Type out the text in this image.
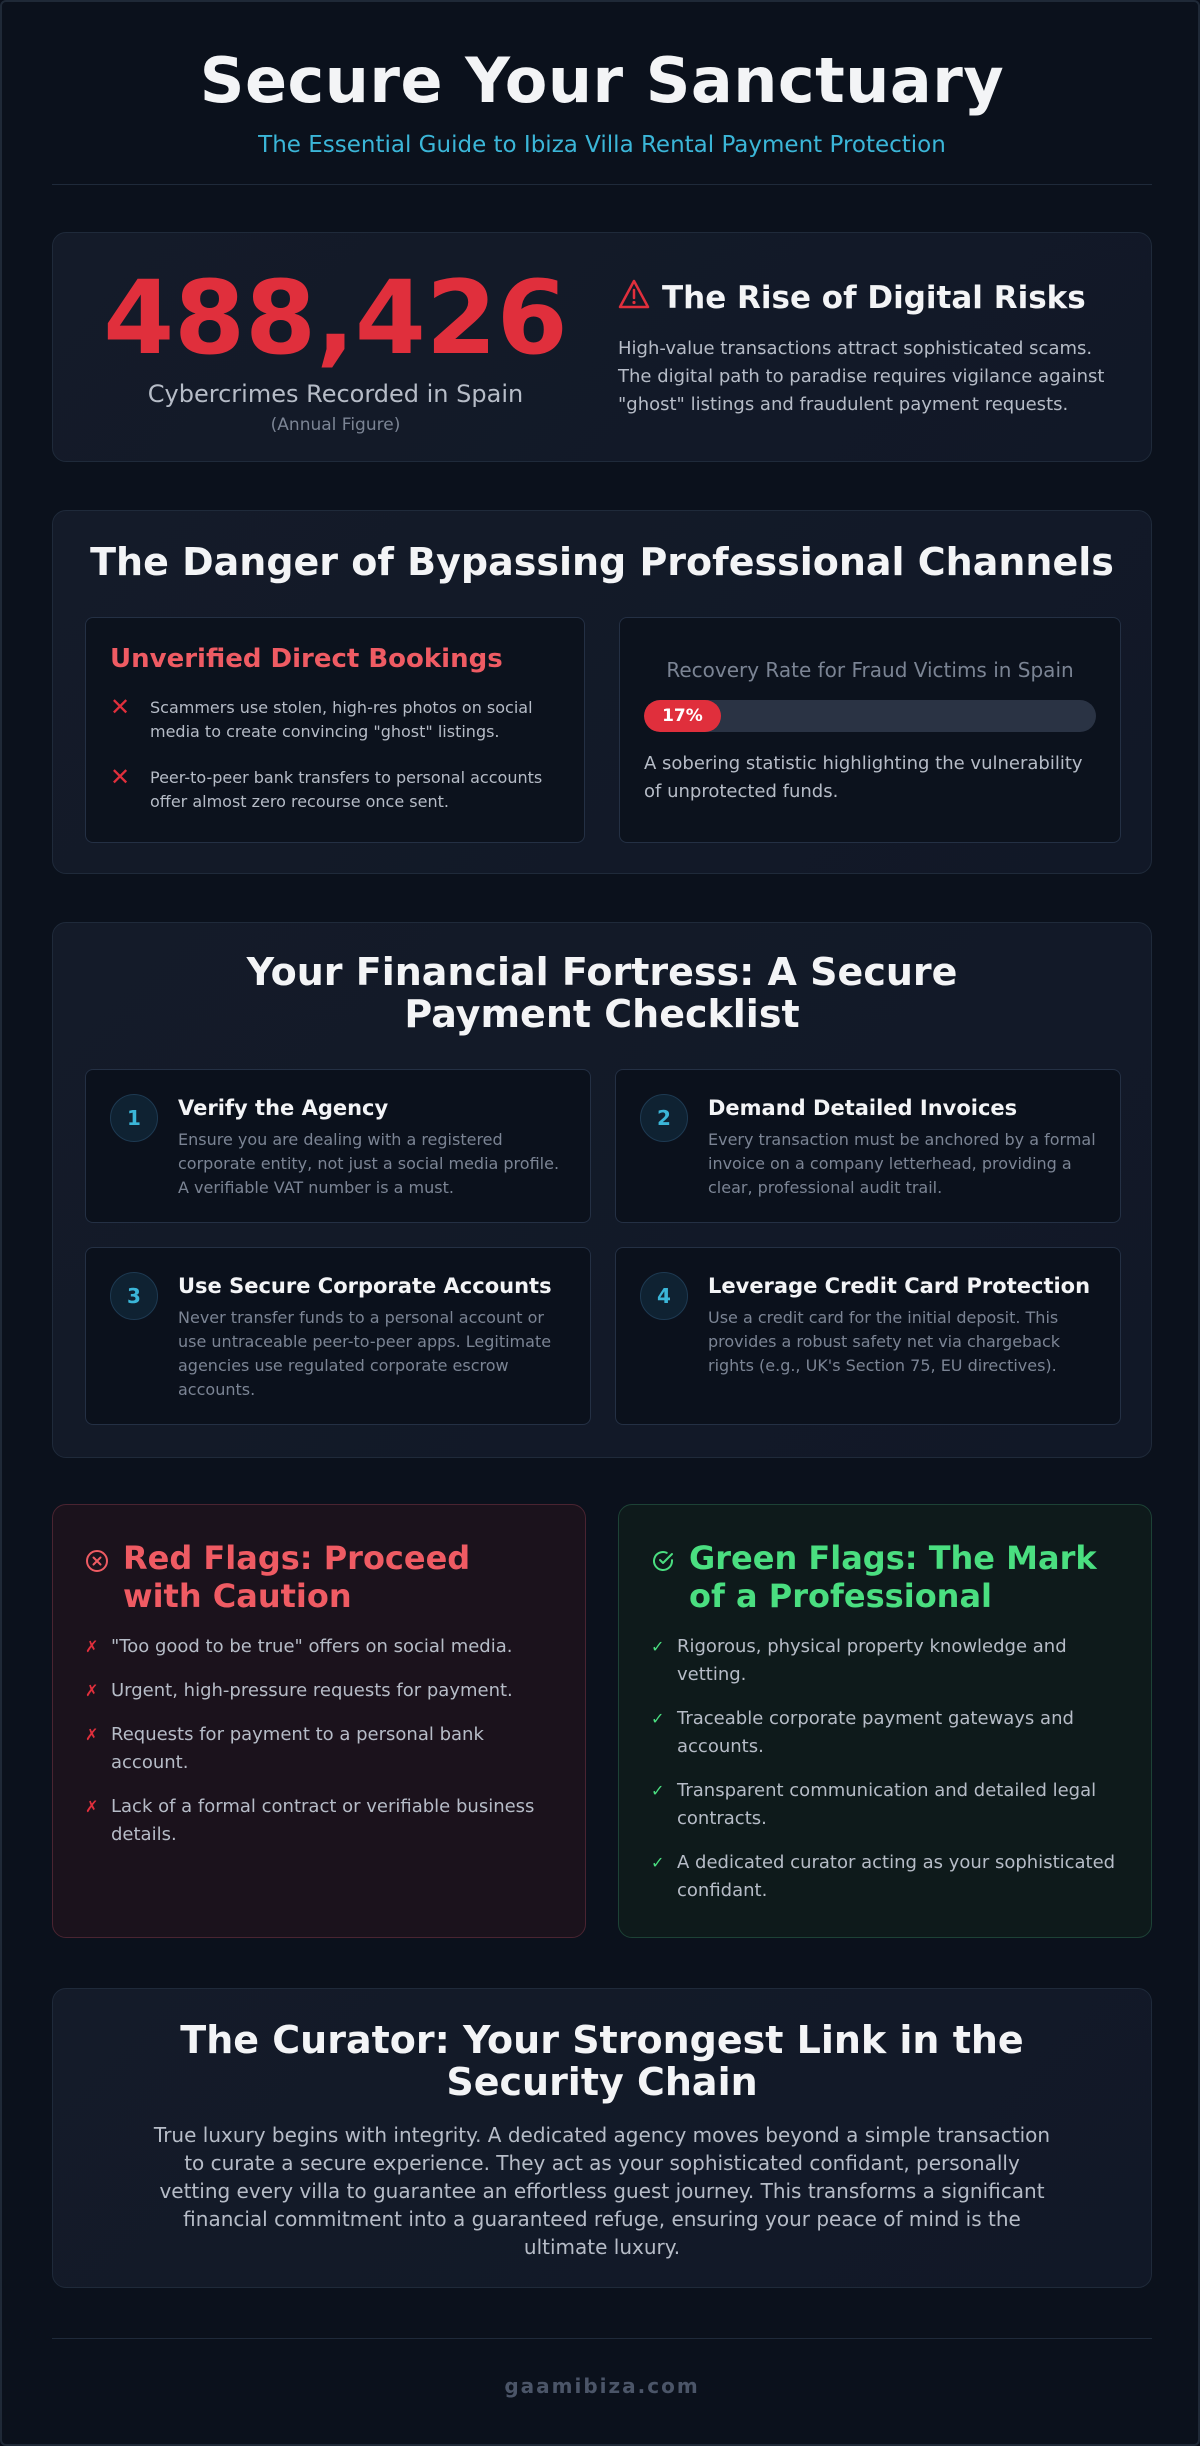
Secure Your Sanctuary
The Essential Guide to Ibiza Villa Rental Payment Protection
488,426
Cybercrimes Recorded in Spain
(Annual Figure)
The Rise of Digital Risks
High-value transactions attract sophisticated scams. The digital path to paradise requires vigilance against "ghost" listings and fraudulent payment requests.
The Danger of Bypassing Professional Channels
Unverified Direct Bookings
✕ Scammers use stolen, high-res photos on social media to create convincing "ghost" listings.
✕ Peer-to-peer bank transfers to personal accounts offer almost zero recourse once sent.
Recovery Rate for Fraud Victims in Spain
17%
A sobering statistic highlighting the vulnerability of unprotected funds.
Your Financial Fortress: A Secure Payment Checklist
1	Verify the Agency
Ensure you are dealing with a registered corporate entity, not just a social media profile. A verifiable VAT number is a must.
2	Demand Detailed Invoices
Every transaction must be anchored by a formal invoice on a company letterhead, providing a clear, professional audit trail.
3	Use Secure Corporate Accounts
Never transfer funds to a personal account or use untraceable peer-to-peer apps. Legitimate agencies use regulated corporate escrow accounts.
4	Leverage Credit Card Protection
Use a credit card for the initial deposit. This provides a robust safety net via chargeback rights (e.g., UK's Section 75, EU directives).
Red Flags: Proceed with Caution
✗ "Too good to be true" offers on social media.
✗ Urgent, high-pressure requests for payment.
✗ Requests for payment to a personal bank account.
✗ Lack of a formal contract or verifiable business details.
Green Flags: The Mark of a Professional
✓ Rigorous, physical property knowledge and vetting.
✓ Traceable corporate payment gateways and accounts.
✓ Transparent communication and detailed legal contracts.
✓ A dedicated curator acting as your sophisticated confidant.
The Curator: Your Strongest Link in the Security Chain
True luxury begins with integrity. A dedicated agency moves beyond a simple transaction to curate a secure experience. They act as your sophisticated confidant, personally vetting every villa to guarantee an effortless guest journey. This transforms a significant financial commitment into a guaranteed refuge, ensuring your peace of mind is the ultimate luxury.
gaamibiza.com
